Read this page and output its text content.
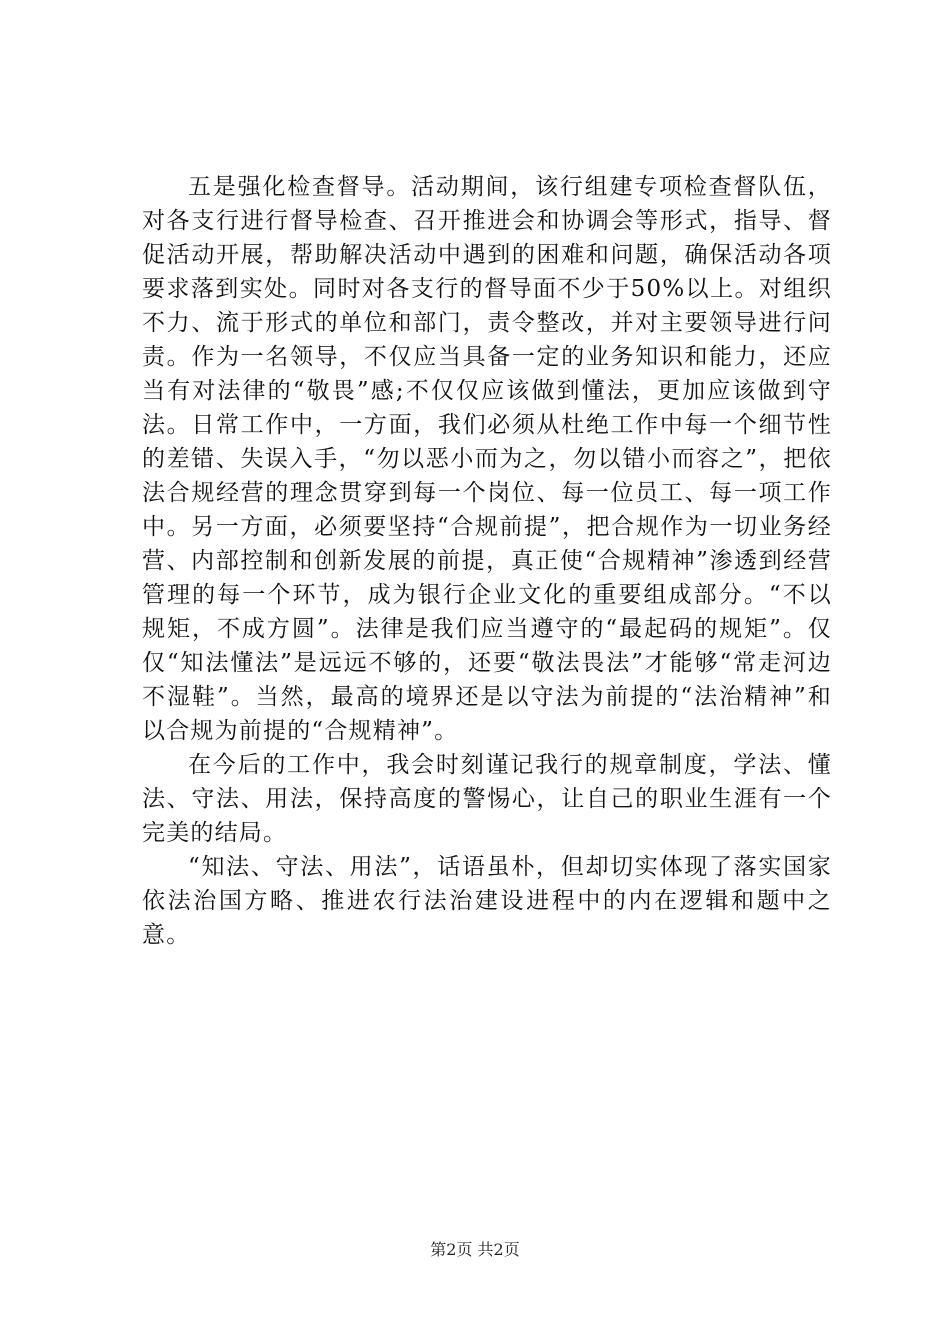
五是强化检查督导。活动期间，该行组建专项检查督队伍，对各支行进行督导检查、召开推进会和协调会等形式，指导、督促活动开展，帮助解决活动中遇到的困难和问题，确保活动各项要求落到实处。同时对各支行的督导面不少于50%以上。对组织不力、流于形式的单位和部门，责令整改，并对主要领导进行问责。作为一名领导，不仅应当具备一定的业务知识和能力，还应当有对法律的“敬畏”感;不仅仅应该做到懂法，更加应该做到守法。日常工作中，一方面，我们必须从杜绝工作中每一个细节性的差错、失误入手，“勿以恶小而为之，勿以错小而容之”，把依法合规经营的理念贯穿到每一个岗位、每一位员工、每一项工作中。另一方面，必须要坚持“合规前提”，把合规作为一切业务经营、内部控制和创新发展的前提，真正使“合规精神”渗透到经营管理的每一个环节，成为银行企业文化的重要组成部分。“不以规矩，不成方圆”。法律是我们应当遵守的“最起码的规矩”。仅仅“知法懂法”是远远不够的，还要“敬法畏法”才能够“常走河边不湿鞋”。当然，最高的境界还是以守法为前提的“法治精神”和以合规为前提的“合规精神”。

在今后的工作中，我会时刻谨记我行的规章制度，学法、懂法、守法、用法，保持高度的警惕心，让自己的职业生涯有一个完美的结局。

“知法、守法、用法”，话语虽朴，但却切实体现了落实国家依法治国方略、推进农行法治建设进程中的内在逻辑和题中之意。

第2页 共2页
